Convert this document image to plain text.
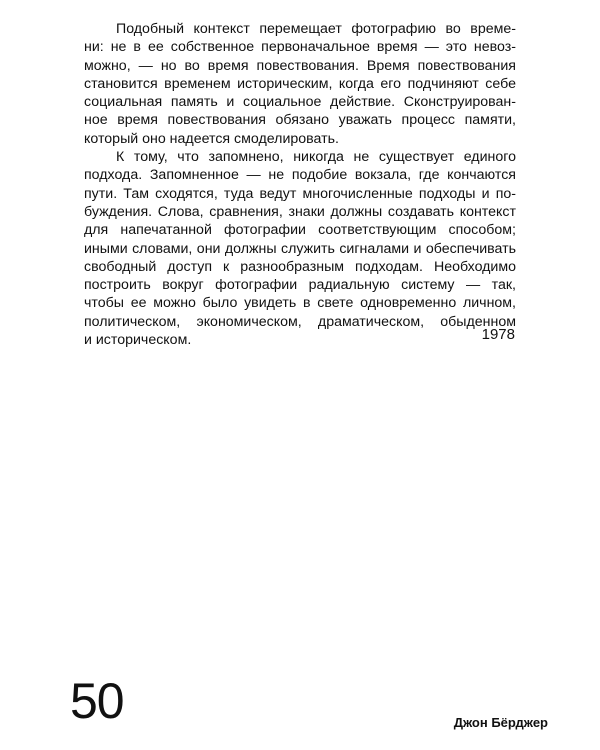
Подобный контекст перемещает фотографию во време-
ни: не в ее собственное первоначальное время — это невоз-
можно, — но во время повествования. Время повествования
становится временем историческим, когда его подчиняют себе
социальная память и социальное действие. Сконструирован-
ное время повествования обязано уважать процесс памяти,
который оно надеется смоделировать.

К тому, что запомнено, никогда не существует единого
подхода. Запомненное — не подобие вокзала, где кончаются
пути. Там сходятся, туда ведут многочисленные подходы и по-
буждения. Слова, сравнения, знаки должны создавать контекст
для напечатанной фотографии соответствующим способом;
иными словами, они должны служить сигналами и обеспечивать
свободный доступ к разнообразным подходам. Необходимо
построить вокруг фотографии радиальную систему — так,
чтобы ее можно было увидеть в свете одновременно личном,
политическом, экономическом, драматическом, обыденном
и историческом.	1978
50	Джон Бёрджер
